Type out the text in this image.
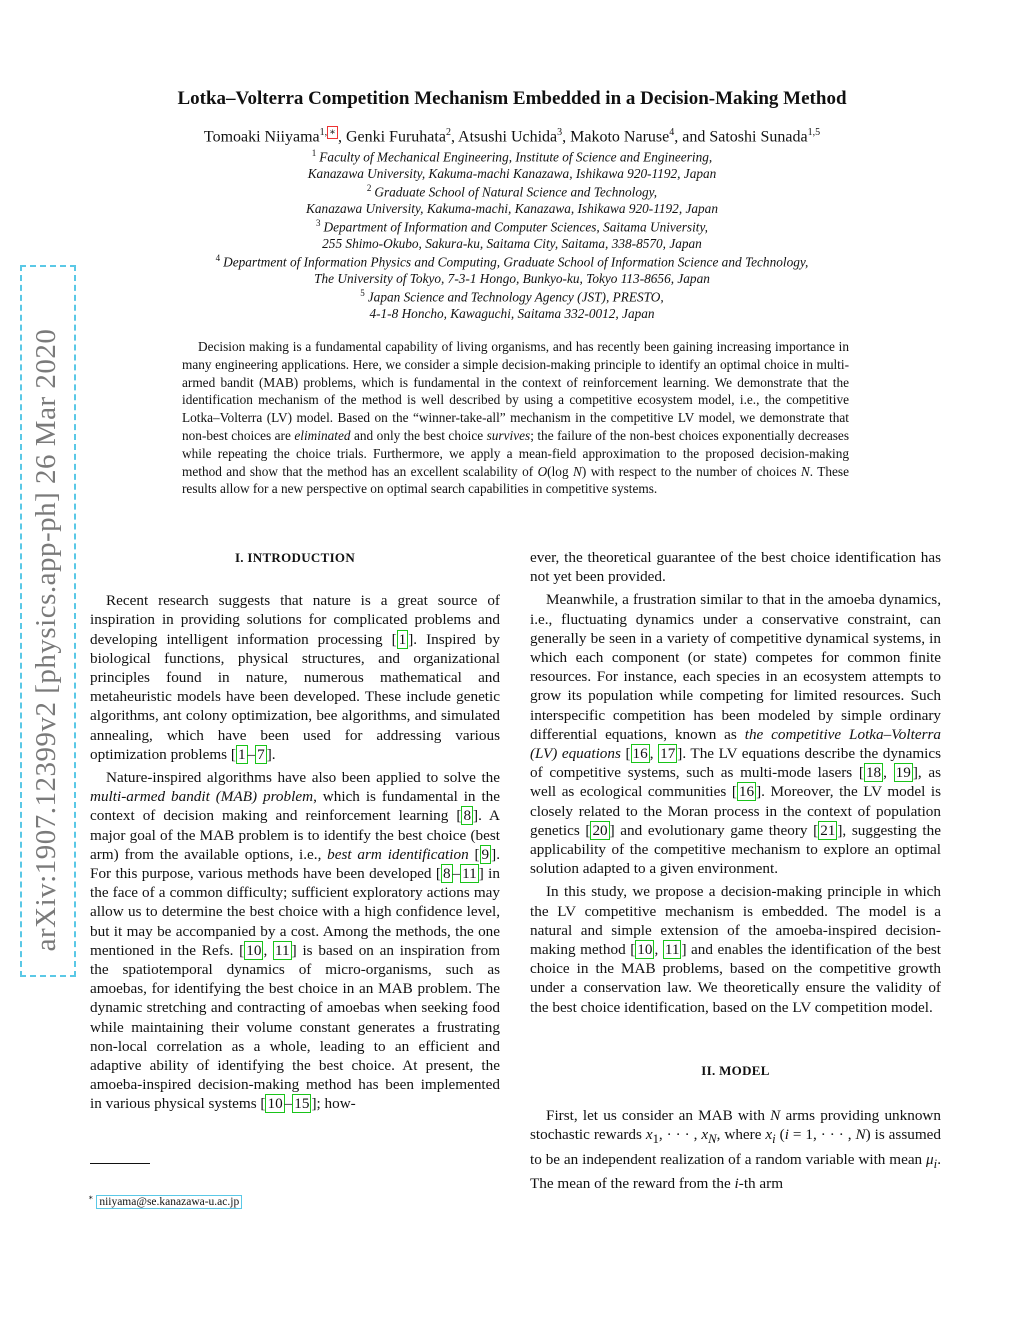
arXiv:1907.12399v2 [physics.app-ph] 26 Mar 2020
Lotka–Volterra Competition Mechanism Embedded in a Decision-Making Method
Tomoaki Niiyama$^{1,}$ ∗ , Genki Furuhata$^2$, Atsushi Uchida$^3$, Makoto Naruse$^4$, and Satoshi Sunada$^{1,5}$
$^1$ Faculty of Mechanical Engineering, Institute of Science and Engineering,
Kanazawa University, Kakuma-machi Kanazawa, Ishikawa 920-1192, Japan
$^2$ Graduate School of Natural Science and Technology,
Kanazawa University, Kakuma-machi, Kanazawa, Ishikawa 920-1192, Japan
$^3$ Department of Information and Computer Sciences, Saitama University,
255 Shimo-Okubo, Sakura-ku, Saitama City, Saitama, 338-8570, Japan
$^4$ Department of Information Physics and Computing, Graduate School of Information Science and Technology,
The University of Tokyo, 7-3-1 Hongo, Bunkyo-ku, Tokyo 113-8656, Japan
$^5$ Japan Science and Technology Agency (JST), PRESTO,
4-1-8 Honcho, Kawaguchi, Saitama 332-0012, Japan
Decision making is a fundamental capability of living organisms, and has recently been gaining increasing importance in many engineering applications. Here, we consider a simple decision-making principle to identify an optimal choice in multi-armed bandit (MAB) problems, which is fundamental in the context of reinforcement learning. We demonstrate that the identification mechanism of the method is well described by using a competitive ecosystem model, i.e., the competitive Lotka–Volterra (LV) model. Based on the “winner-take-all” mechanism in the competitive LV model, we demonstrate that non-best choices are eliminated and only the best choice survives; the failure of the non-best choices exponentially decreases while repeating the choice trials. Furthermore, we apply a mean-field approximation to the proposed decision-making method and show that the method has an excellent scalability of O(log N) with respect to the number of choices N. These results allow for a new perspective on optimal search capabilities in competitive systems.
I. INTRODUCTION

Recent research suggests that nature is a great source of inspiration in providing solutions for complicated problems and developing intelligent information processing [ 1 ]. Inspired by biological functions, physical structures, and organizational principles found in nature, numerous mathematical and metaheuristic models have been developed. These include genetic algorithms, ant colony optimization, bee algorithms, and simulated annealing, which have been used for addressing various optimization problems [ 1 – 7 ].

Nature-inspired algorithms have also been applied to solve the multi-armed bandit (MAB) problem, which is fundamental in the context of decision making and reinforcement learning [ 8 ]. A major goal of the MAB problem is to identify the best choice (best arm) from the available options, i.e., best arm identification [ 9 ]. For this purpose, various methods have been developed [ 8 – 11 ] in the face of a common difficulty; sufficient exploratory actions may allow us to determine the best choice with a high confidence level, but it may be accompanied by a cost. Among the methods, the one mentioned in the Refs. [ 10 , 11 ] is based on an inspiration from the spatiotemporal dynamics of micro-organisms, such as amoebas, for identifying the best choice in an MAB problem. The dynamic stretching and contracting of amoebas when seeking food while maintaining their volume constant generates a frustrating non-local correlation as a whole, leading to an efficient and adaptive ability of identifying the best choice. At present, the amoeba-inspired decision-making method has been implemented in various physical systems [ 10 – 15 ]; how-

ever, the theoretical guarantee of the best choice identification has not yet been provided.

Meanwhile, a frustration similar to that in the amoeba dynamics, i.e., fluctuating dynamics under a conservative constraint, can generally be seen in a variety of competitive dynamical systems, in which each component (or state) competes for common finite resources. For instance, each species in an ecosystem attempts to grow its population while competing for limited resources. Such interspecific competition has been modeled by simple ordinary differential equations, known as the competitive Lotka–Volterra (LV) equations [ 16 , 17 ]. The LV equations describe the dynamics of competitive systems, such as multi-mode lasers [ 18 , 19 ], as well as ecological communities [ 16 ]. Moreover, the LV model is closely related to the Moran process in the context of population genetics [ 20 ] and evolutionary game theory [ 21 ], suggesting the applicability of the competitive mechanism to explore an optimal solution adapted to a given environment.

In this study, we propose a decision-making principle in which the LV competitive mechanism is embedded. The model is a natural and simple extension of the amoeba-inspired decision-making method [ 10 , 11 ] and enables the identification of the best choice in the MAB problems, based on the competitive growth under a conservation law. We theoretically ensure the validity of the best choice identification, based on the LV competition model.

II. MODEL

First, let us consider an MAB with N arms providing unknown stochastic rewards $x_1$, · · · , $x_N$, where $x_i$ (i = 1, · · · , N) is assumed to be an independent realization of a random variable with mean $\mu_i$. The mean of the reward from the i-th arm

∗ niiyama@se.kanazawa-u.ac.jp
